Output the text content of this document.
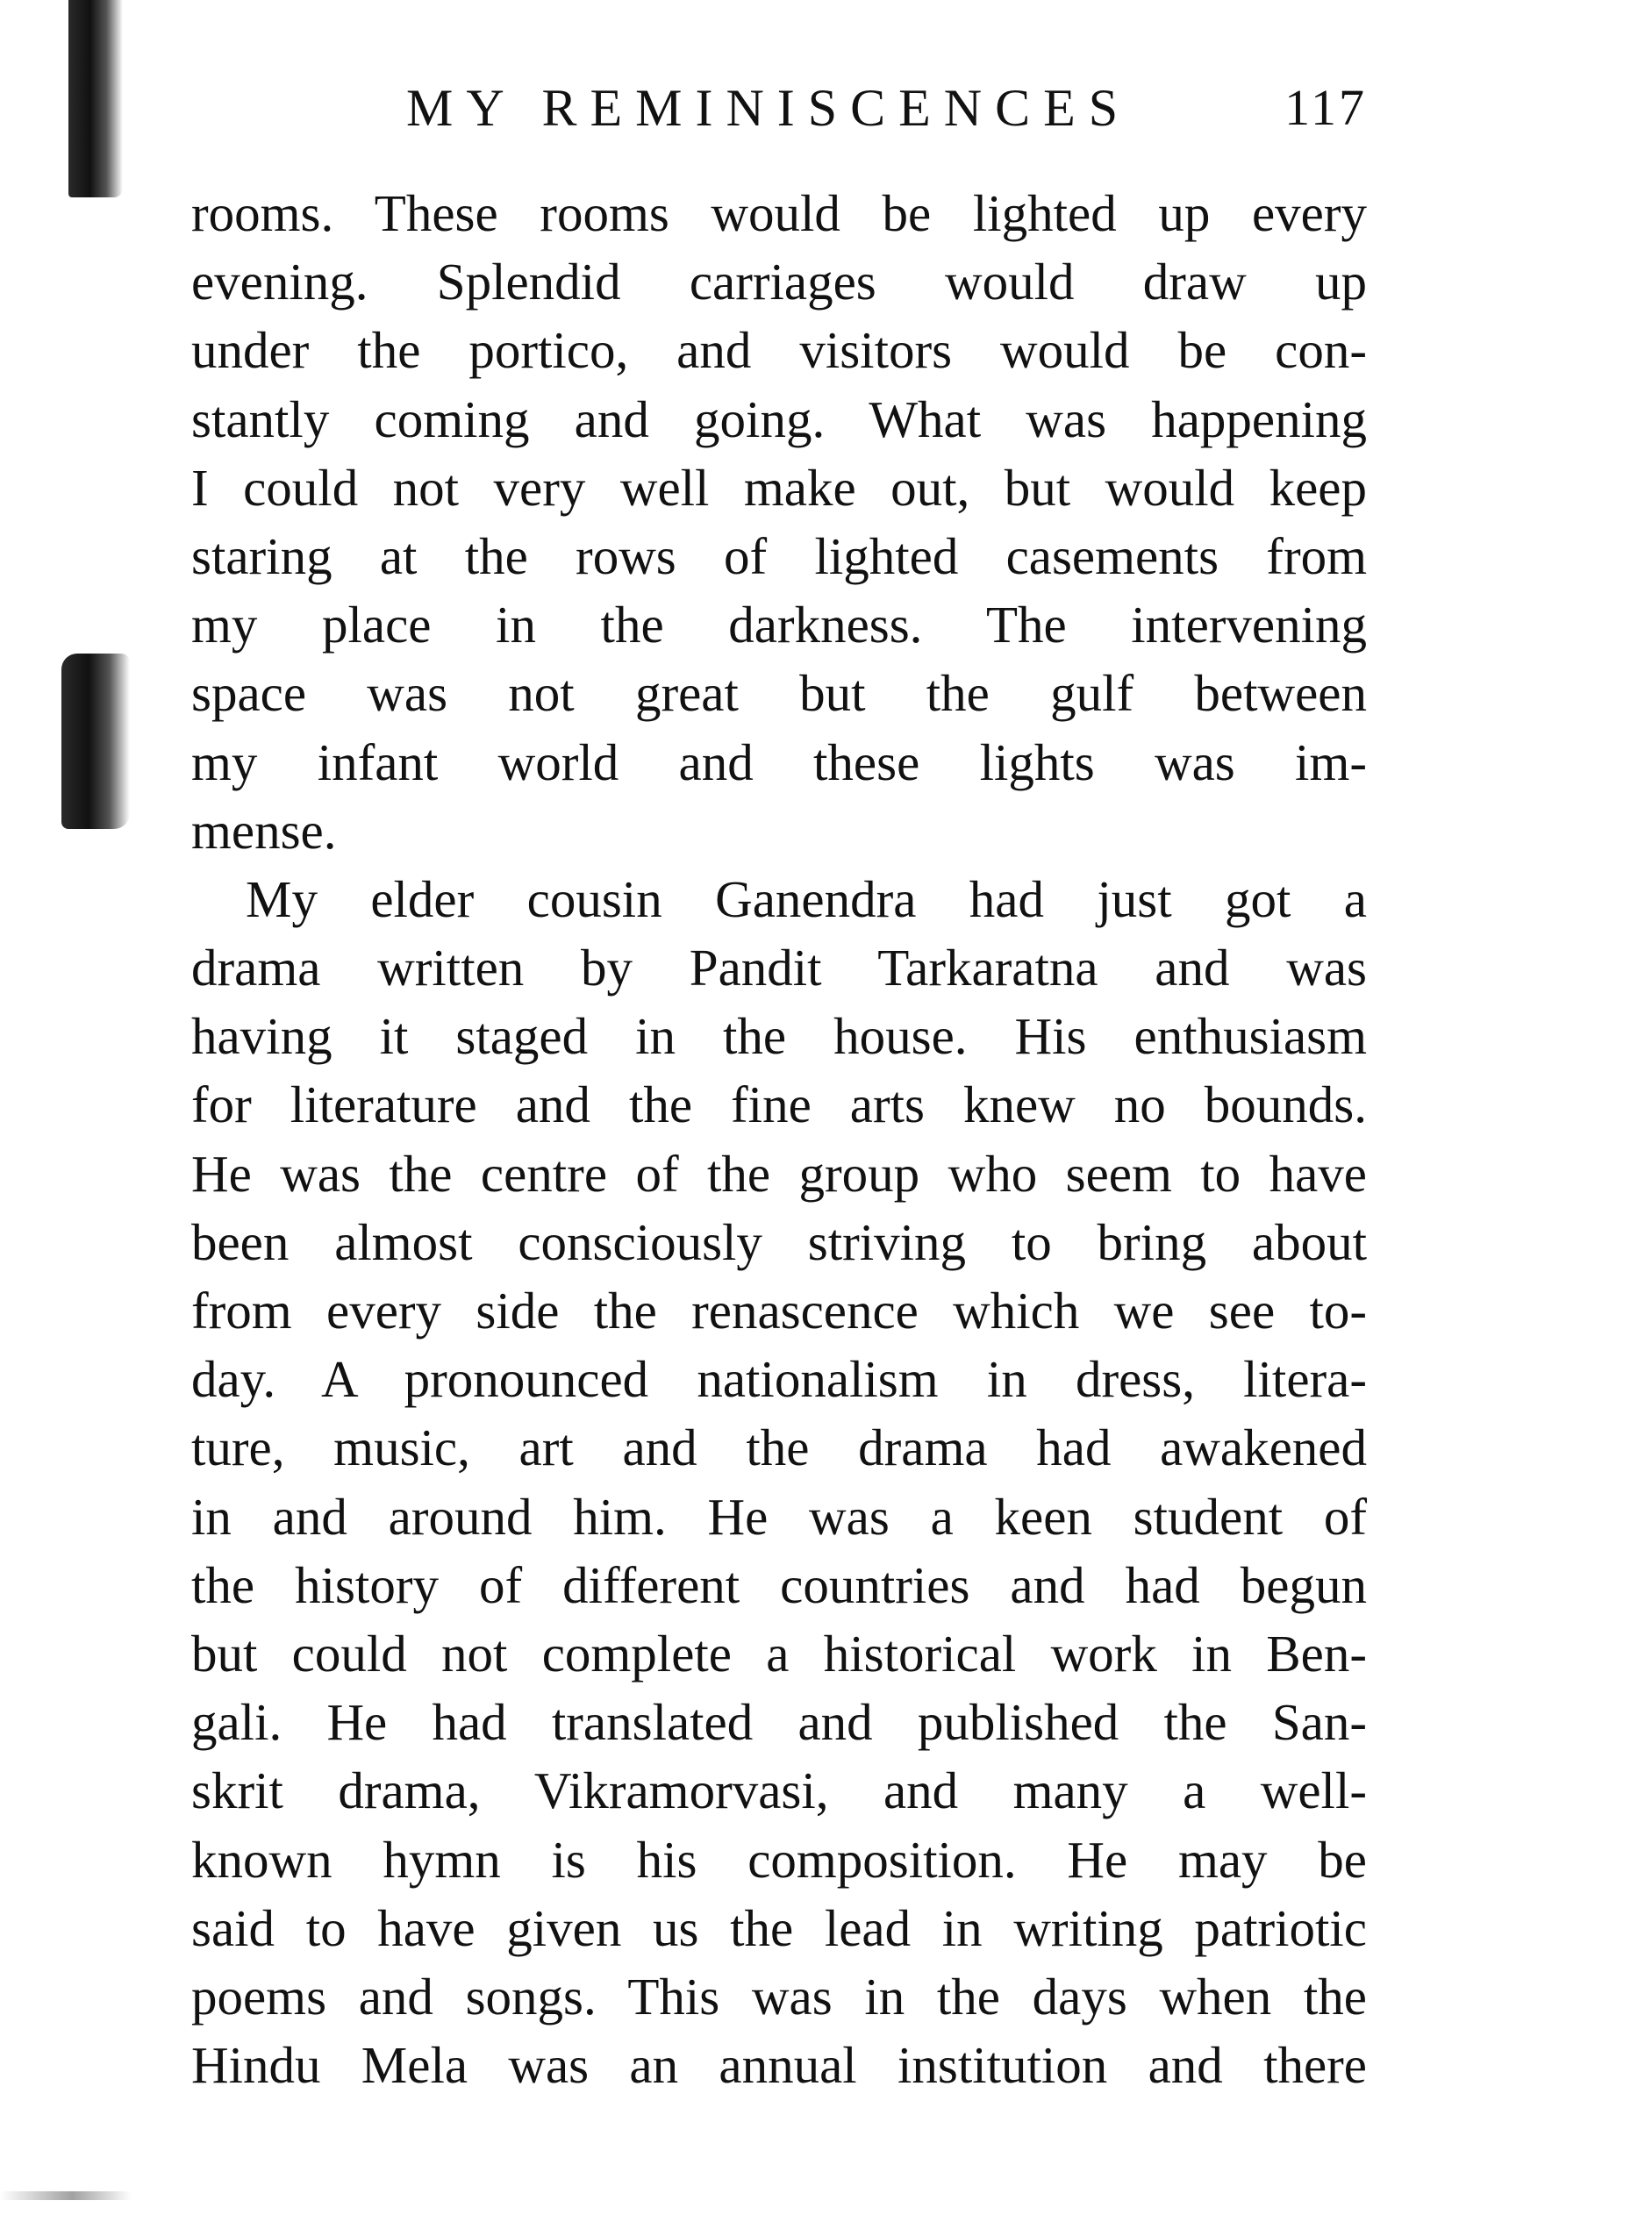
MY REMINISCENCES	117
rooms. These rooms would be lighted up every
evening. Splendid carriages would draw up
under the portico, and visitors would be con-
stantly coming and going. What was happening
I could not very well make out, but would keep
staring at the rows of lighted casements from
my place in the darkness. The intervening
space was not great but the gulf between
my infant world and these lights was im-
mense.
My elder cousin Ganendra had just got a
drama written by Pandit Tarkaratna and was
having it staged in the house. His enthusiasm
for literature and the fine arts knew no bounds.
He was the centre of the group who seem to have
been almost consciously striving to bring about
from every side the renascence which we see to-
day. A pronounced nationalism in dress, litera-
ture, music, art and the drama had awakened
in and around him. He was a keen student of
the history of different countries and had begun
but could not complete a historical work in Ben-
gali. He had translated and published the San-
skrit drama, Vikramorvasi, and many a well-
known hymn is his composition. He may be
said to have given us the lead in writing patriotic
poems and songs. This was in the days when the
Hindu Mela was an annual institution and there
